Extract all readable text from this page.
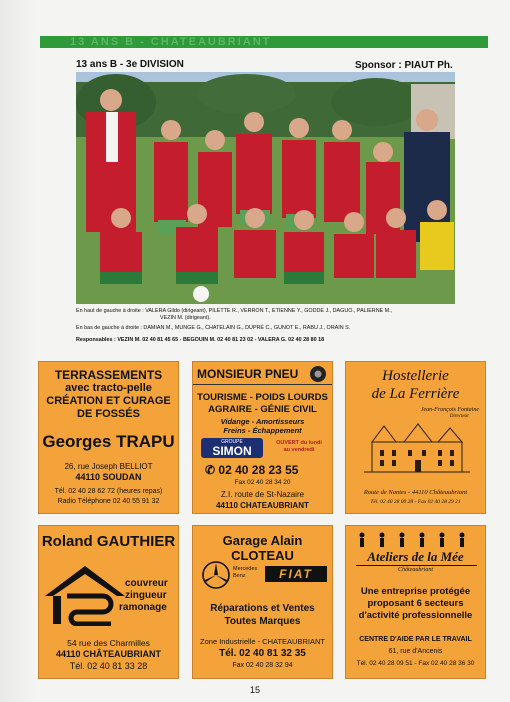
13 ANS B - CHATEAUBRIANT
13 ans B - 3e DIVISION	Sponsor : PIAUT Ph.
En haut de gauche à droite : VALERA Gildo (dirigeant), PILETTE R., VERRON T., ETIENNE Y., GODDE J., DAGUO., PALIERNE M.,
VEZIN M. (dirigeant).
En bas de gauche à droite : DAMIAN M., MUNGE G., CHATELAIN G., DUPRÉ C., GUNOT E., RABU J., ORAIN S.
Responsables : VEZIN M. 02 40 81 45 65 - BEGOUIN M. 02 40 81 23 02 - VALERA G. 02 40 28 80 18
TERRASSEMENTS
avec tracto-pelle
CRÉATION ET CURAGE
DE FOSSÉS
Georges TRAPU
26, rue Joseph BELLIOT
44110 SOUDAN
Tél. 02 40 28 62 72 (heures repas)
Radio Téléphone 02 40 55 91 32
MONSIEUR PNEU
TOURISME - POIDS LOURDS
AGRAIRE - GÉNIE CIVIL
Vidange - Amortisseurs
Freins - Échappement
GROUPE
SIMON
OUVERT du lundi au vendredi
✆ 02 40 28 23 55
Fax 02 40 28 34 20
Z.I. route de St-Nazaire
44110 CHATEAUBRIANT
Hostellerie
de La Ferrière
Jean-François Fontaine
Directeur
Route de Nantes - 44110 Châteaubriant
Tél. 02 40 28 00 28 - Fax 02 40 28 29 21
Roland GAUTHIER
couvreur
zingueur
ramonage
54 rue des Charmilles
44110 CHÂTEAUBRIANT
Tél. 02 40 81 33 28
Garage Alain CLOTEAU
Mercedes Benz	FIAT
Réparations et Ventes
Toutes Marques
Zone Industrielle - CHATEAUBRIANT
Tél. 02 40 81 32 35
Fax 02 40 28 32 94
Ateliers de la Mée
Châteaubriant
Une entreprise protégée
proposant 6 secteurs
d'activité professionnelle
CENTRE D'AIDE PAR LE TRAVAIL
61, rue d'Ancenis
Tél. 02 40 28 09 51 - Fax 02 40 28 36 30
15
